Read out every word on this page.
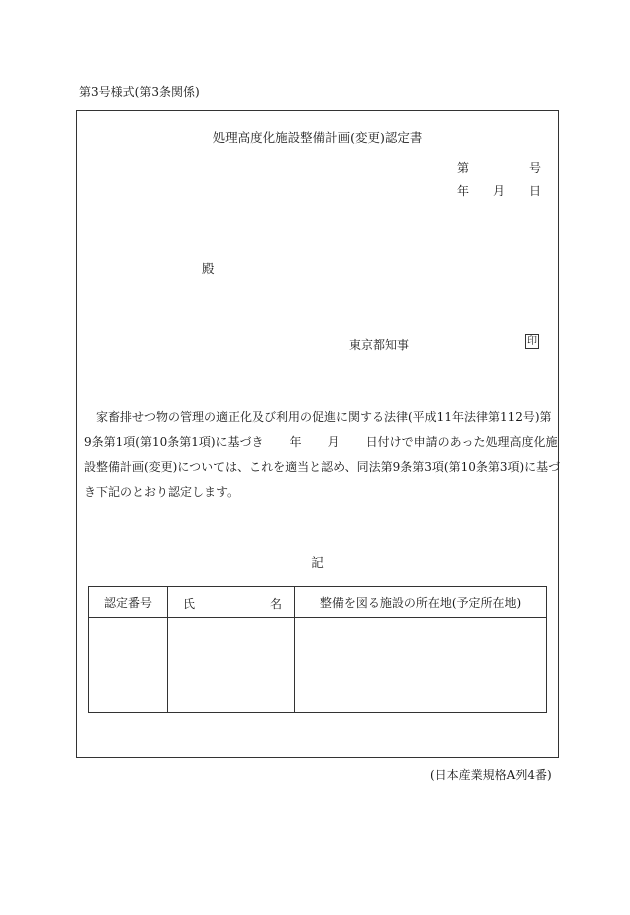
第3号様式(第3条関係)
処理高度化施設整備計画(変更)認定書
第	号
年 月 日
殿
東京都知事	印
家畜排せつ物の管理の適正化及び利用の促進に関する法律(平成11年法律第112号)第
9条第1項(第10条第1項)に基づき 年 月 日付けで申請のあった処理高度化施
設整備計画(変更)については、これを適当と認め、同法第9条第3項(第10条第3項)に基づ
き下記のとおり認定します。
記
認定番号	氏 名	整備を図る施設の所在地(予定所在地)

(日本産業規格A列4番)
